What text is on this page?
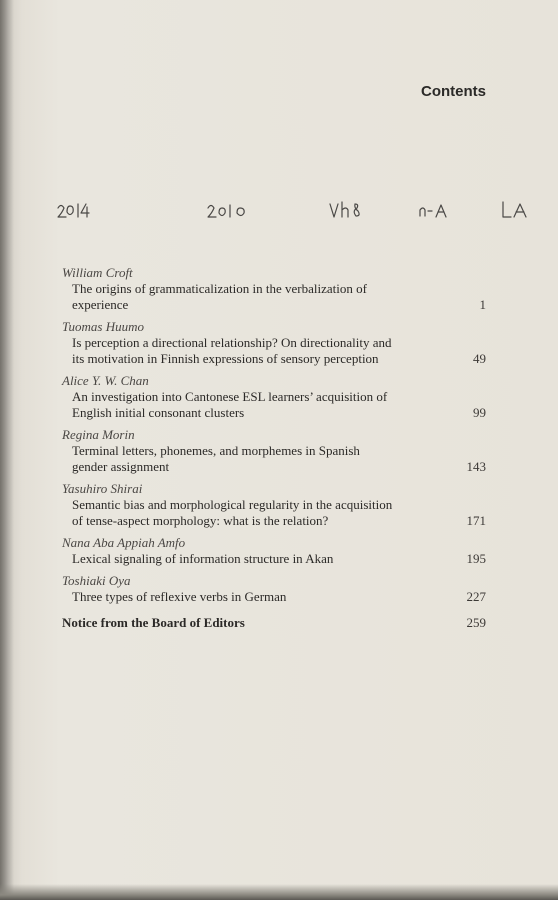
Contents
William Croft
The origins of grammaticalization in the verbalization of
experience	1
Tuomas Huumo
Is perception a directional relationship? On directionality and
its motivation in Finnish expressions of sensory perception	49
Alice Y. W. Chan
An investigation into Cantonese ESL learners’ acquisition of
English initial consonant clusters	99
Regina Morin
Terminal letters, phonemes, and morphemes in Spanish
gender assignment	143
Yasuhiro Shirai
Semantic bias and morphological regularity in the acquisition
of tense-aspect morphology: what is the relation?	171
Nana Aba Appiah Amfo
Lexical signaling of information structure in Akan	195
Toshiaki Oya
Three types of reflexive verbs in German	227
Notice from the Board of Editors	259
